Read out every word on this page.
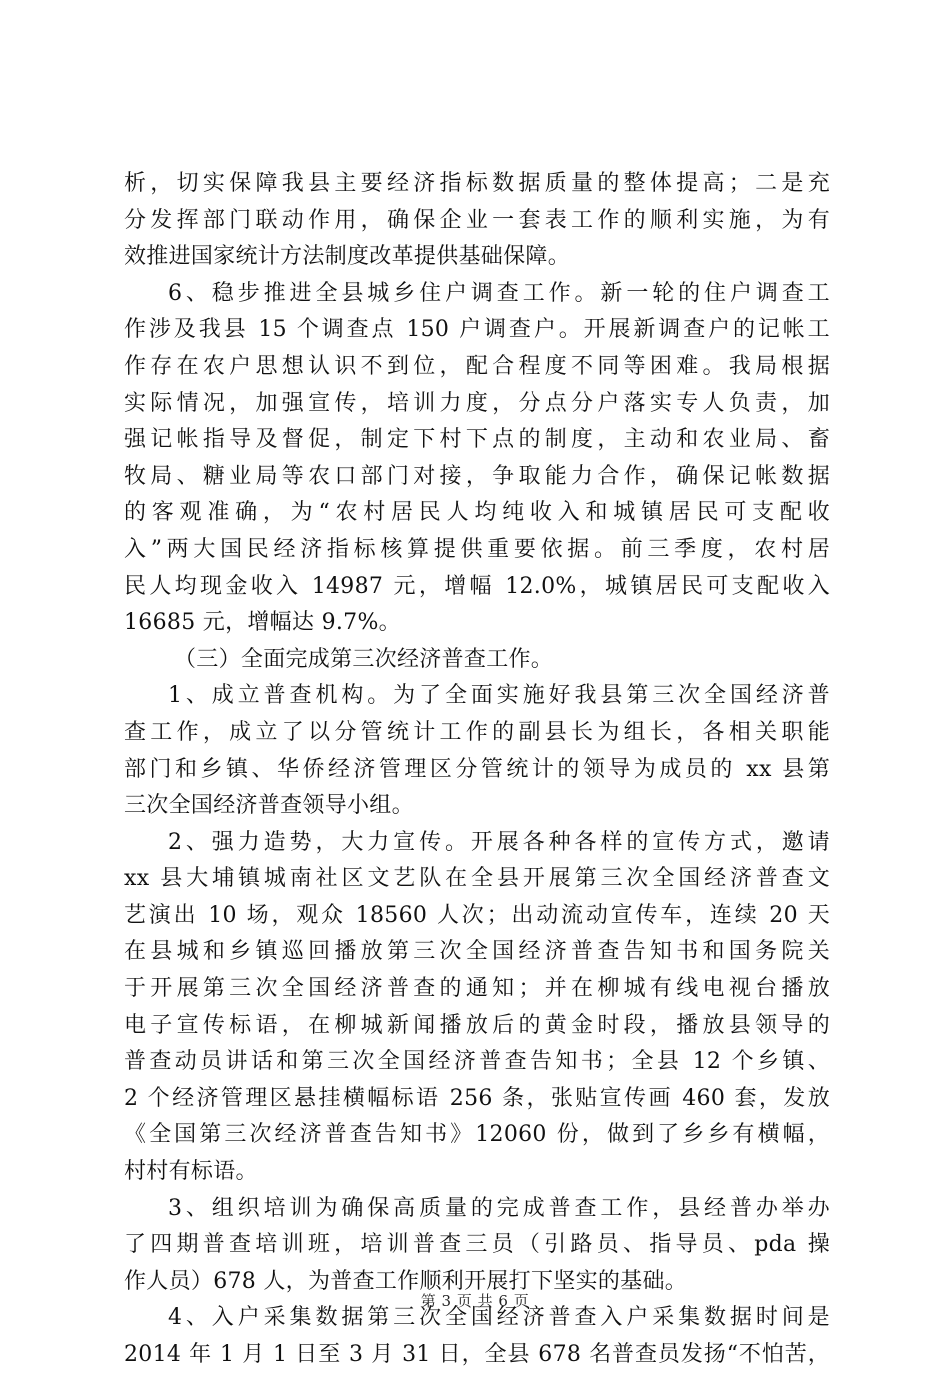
析，切实保障我县主要经济指标数据质量的整体提高；二是充
分发挥部门联动作用，确保企业一套表工作的顺利实施，为有
效推进国家统计方法制度改革提供基础保障。
6、稳步推进全县城乡住户调查工作。新一轮的住户调查工
作涉及我县 15 个调查点 150 户调查户。开展新调查户的记帐工
作存在农户思想认识不到位，配合程度不同等困难。我局根据
实际情况，加强宣传，培训力度，分点分户落实专人负责，加
强记帐指导及督促，制定下村下点的制度，主动和农业局、畜
牧局、糖业局等农口部门对接，争取能力合作，确保记帐数据
的客观准确，为“农村居民人均纯收入和城镇居民可支配收
入”两大国民经济指标核算提供重要依据。前三季度，农村居
民人均现金收入 14987 元，增幅 12.0%，城镇居民可支配收入
16685 元，增幅达 9.7%。
（三）全面完成第三次经济普查工作。
1、成立普查机构。为了全面实施好我县第三次全国经济普
查工作，成立了以分管统计工作的副县长为组长，各相关职能
部门和乡镇、华侨经济管理区分管统计的领导为成员的 xx 县第
三次全国经济普查领导小组。
2、强力造势，大力宣传。开展各种各样的宣传方式，邀请
xx 县大埔镇城南社区文艺队在全县开展第三次全国经济普查文
艺演出 10 场，观众 18560 人次；出动流动宣传车，连续 20 天
在县城和乡镇巡回播放第三次全国经济普查告知书和国务院关
于开展第三次全国经济普查的通知；并在柳城有线电视台播放
电子宣传标语，在柳城新闻播放后的黄金时段，播放县领导的
普查动员讲话和第三次全国经济普查告知书；全县 12 个乡镇、
2 个经济管理区悬挂横幅标语 256 条，张贴宣传画 460 套，发放
《全国第三次经济普查告知书》12060 份，做到了乡乡有横幅，
村村有标语。
3、组织培训为确保高质量的完成普查工作，县经普办举办
了四期普查培训班，培训普查三员（引路员、指导员、pda 操
作人员）678 人，为普查工作顺利开展打下坚实的基础。
4、入户采集数据第三次全国经济普查入户采集数据时间是
2014 年 1 月 1 日至 3 月 31 日，全县 678 名普查员发扬“不怕苦，
第 3 页 共 6 页
